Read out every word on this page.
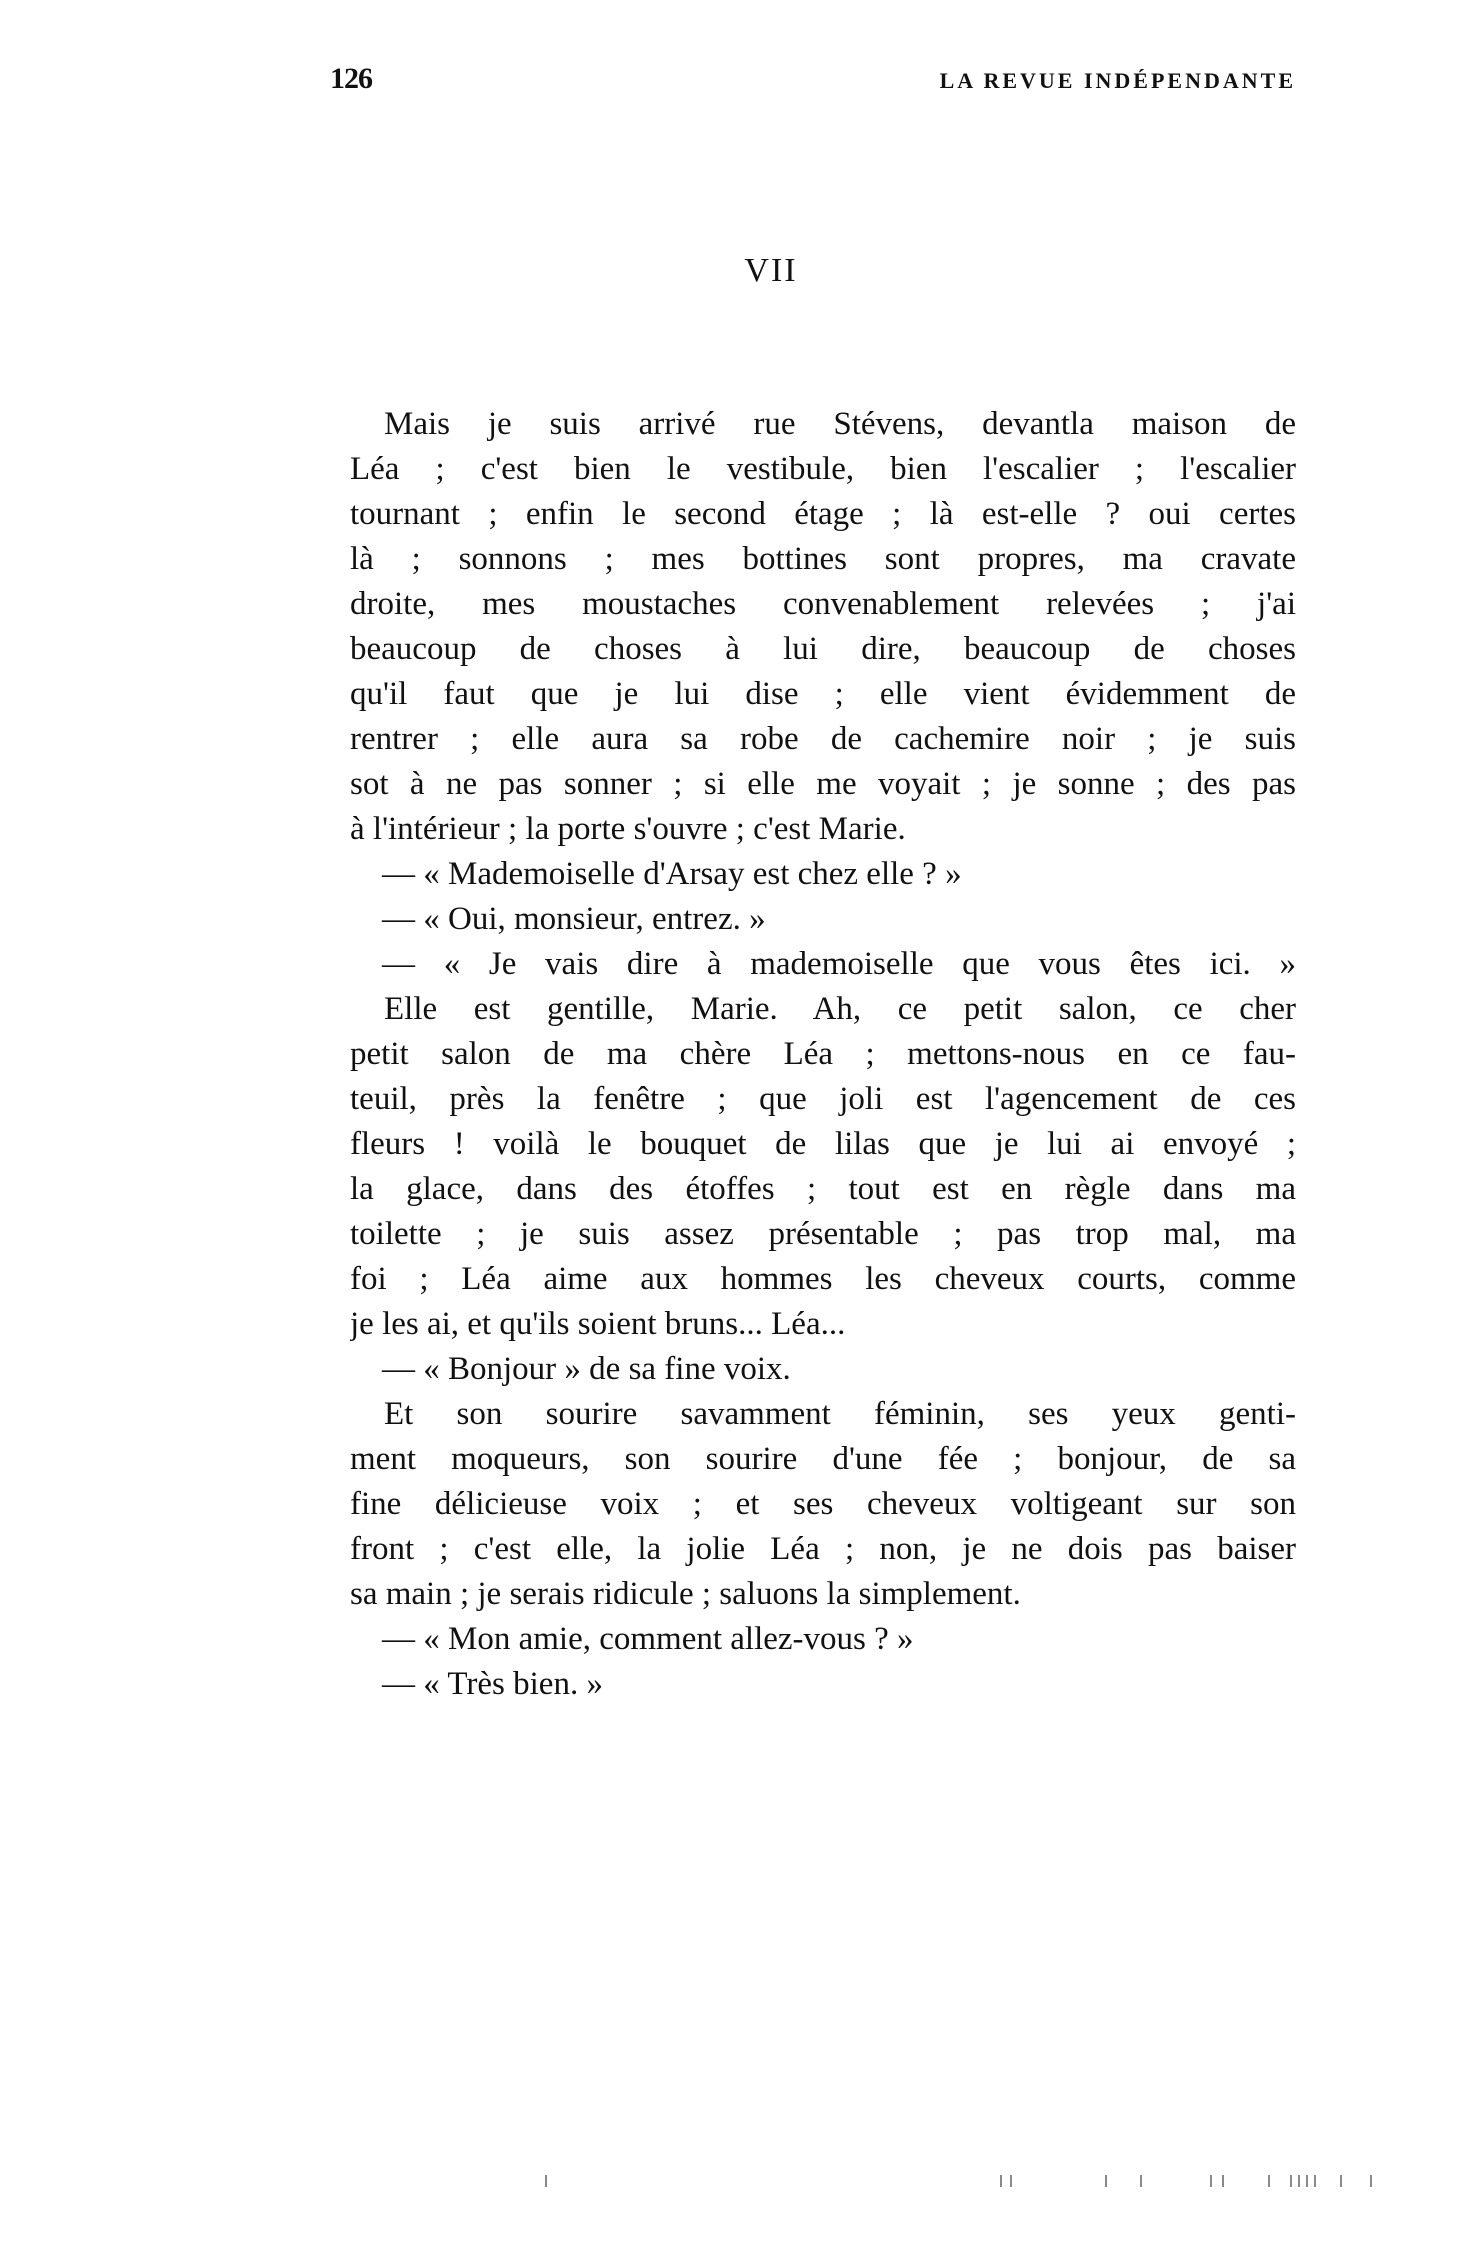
126	LA REVUE INDÉPENDANTE
VII
Mais je suis arrivé rue Stévens, devantla maison de
Léa ; c'est bien le vestibule, bien l'escalier ; l'escalier
tournant ; enfin le second étage ; là est-elle ? oui certes
là ; sonnons ; mes bottines sont propres, ma cravate
droite, mes moustaches convenablement relevées ; j'ai
beaucoup de choses à lui dire, beaucoup de choses
qu'il faut que je lui dise ; elle vient évidemment de
rentrer ; elle aura sa robe de cachemire noir ; je suis
sot à ne pas sonner ; si elle me voyait ; je sonne ; des pas
à l'intérieur ; la porte s'ouvre ; c'est Marie.
— « Mademoiselle d'Arsay est chez elle ? »
— « Oui, monsieur, entrez. »
— « Je vais dire à mademoiselle que vous êtes ici. »
Elle est gentille, Marie. Ah, ce petit salon, ce cher
petit salon de ma chère Léa ; mettons-nous en ce fau-
teuil, près la fenêtre ; que joli est l'agencement de ces
fleurs ! voilà le bouquet de lilas que je lui ai envoyé ;
la glace, dans des étoffes ; tout est en règle dans ma
toilette ; je suis assez présentable ; pas trop mal, ma
foi ; Léa aime aux hommes les cheveux courts, comme
je les ai, et qu'ils soient bruns... Léa...
— « Bonjour » de sa fine voix.
Et son sourire savamment féminin, ses yeux genti-
ment moqueurs, son sourire d'une fée ; bonjour, de sa
fine délicieuse voix ; et ses cheveux voltigeant sur son
front ; c'est elle, la jolie Léa ; non, je ne dois pas baiser
sa main ; je serais ridicule ; saluons la simplement.
— « Mon amie, comment allez-vous ? »
— « Très bien. »
